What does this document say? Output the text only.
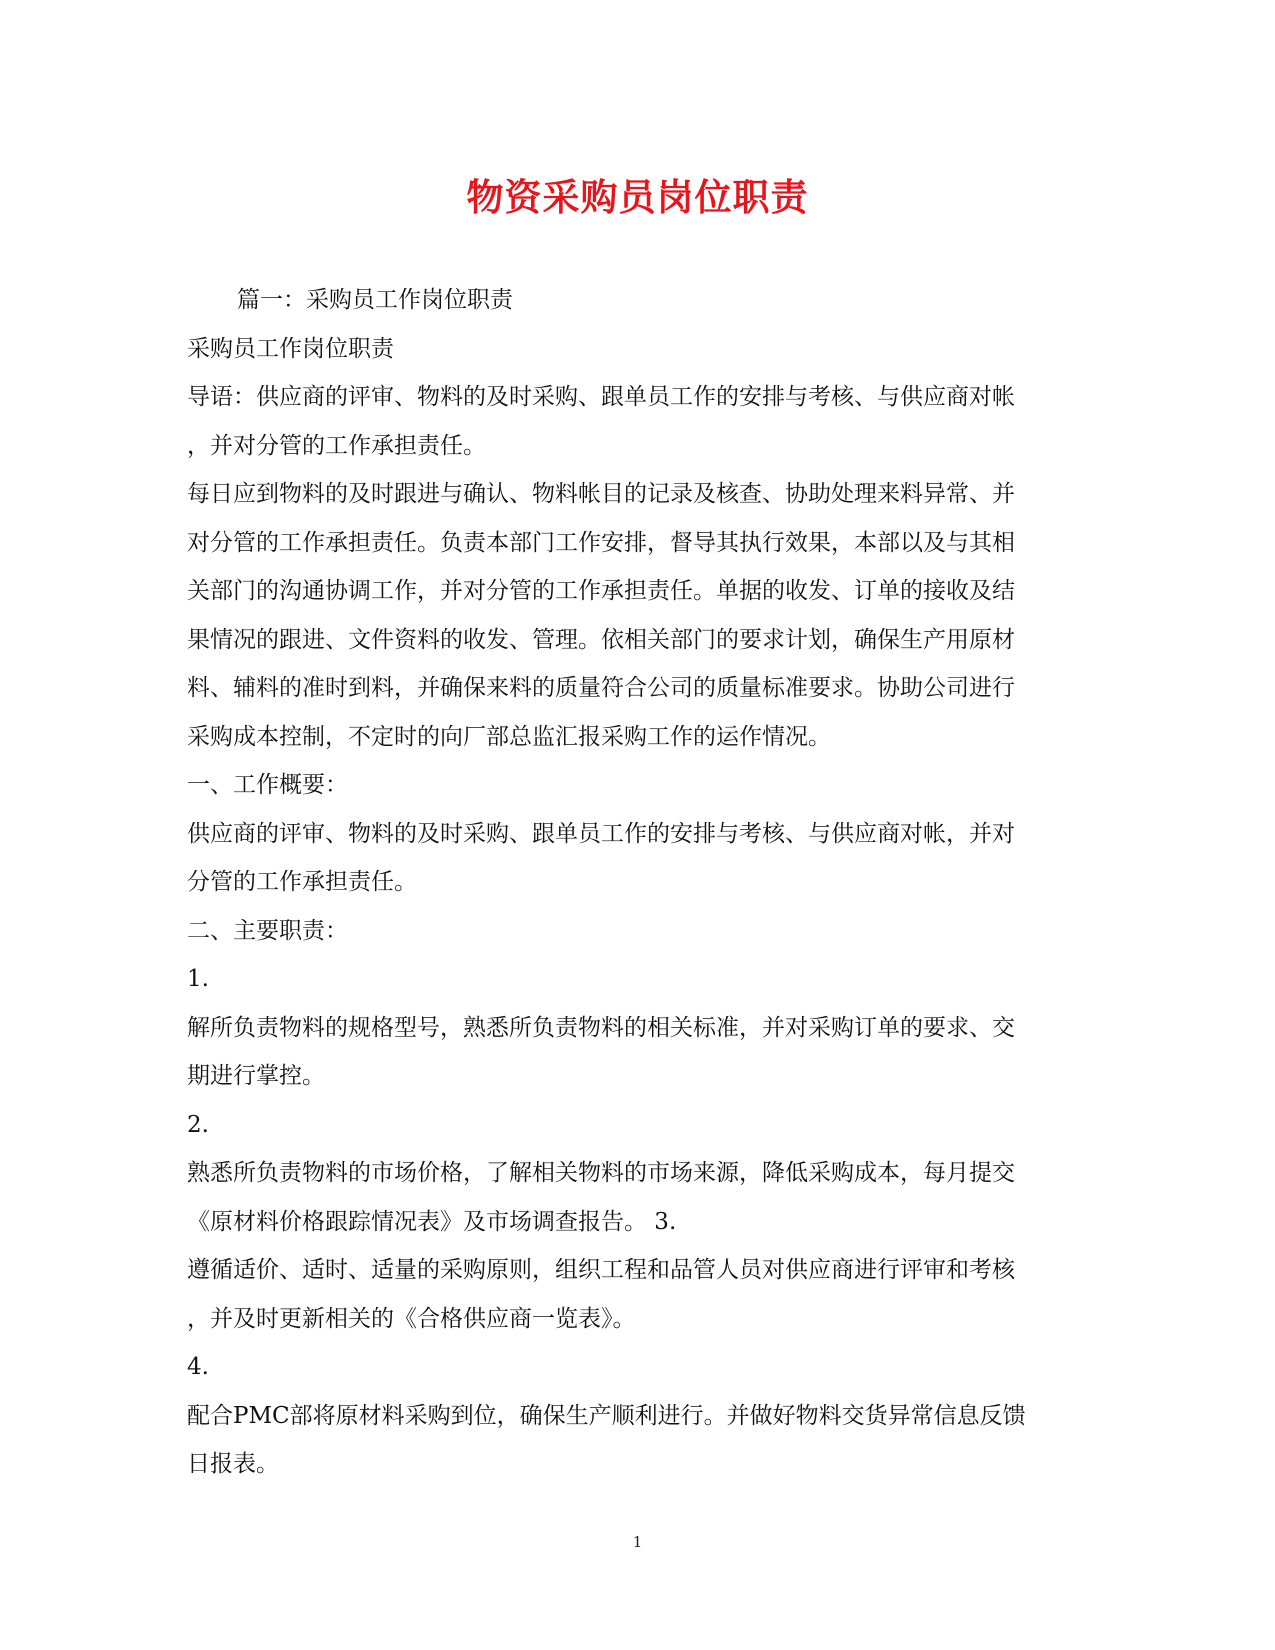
物资采购员岗位职责
篇一：采购员工作岗位职责
采购员工作岗位职责
导语：供应商的评审、物料的及时采购、跟单员工作的安排与考核、与供应商对帐
，并对分管的工作承担责任。
每日应到物料的及时跟进与确认、物料帐目的记录及核查、协助处理来料异常、并
对分管的工作承担责任。负责本部门工作安排，督导其执行效果，本部以及与其相
关部门的沟通协调工作，并对分管的工作承担责任。单据的收发、订单的接收及结
果情况的跟进、文件资料的收发、管理。依相关部门的要求计划，确保生产用原材
料、辅料的准时到料，并确保来料的质量符合公司的质量标准要求。协助公司进行
采购成本控制，不定时的向厂部总监汇报采购工作的运作情况。
一、工作概要：
供应商的评审、物料的及时采购、跟单员工作的安排与考核、与供应商对帐，并对
分管的工作承担责任。
二、主要职责：
1.
解所负责物料的规格型号，熟悉所负责物料的相关标准，并对采购订单的要求、交
期进行掌控。
2.
熟悉所负责物料的市场价格，了解相关物料的市场来源，降低采购成本，每月提交
《原材料价格跟踪情况表》及市场调查报告。 3.
遵循适价、适时、适量的采购原则，组织工程和品管人员对供应商进行评审和考核
，并及时更新相关的《合格供应商一览表》。
4.
配合PMC部将原材料采购到位，确保生产顺利进行。并做好物料交货异常信息反馈
日报表。
1
